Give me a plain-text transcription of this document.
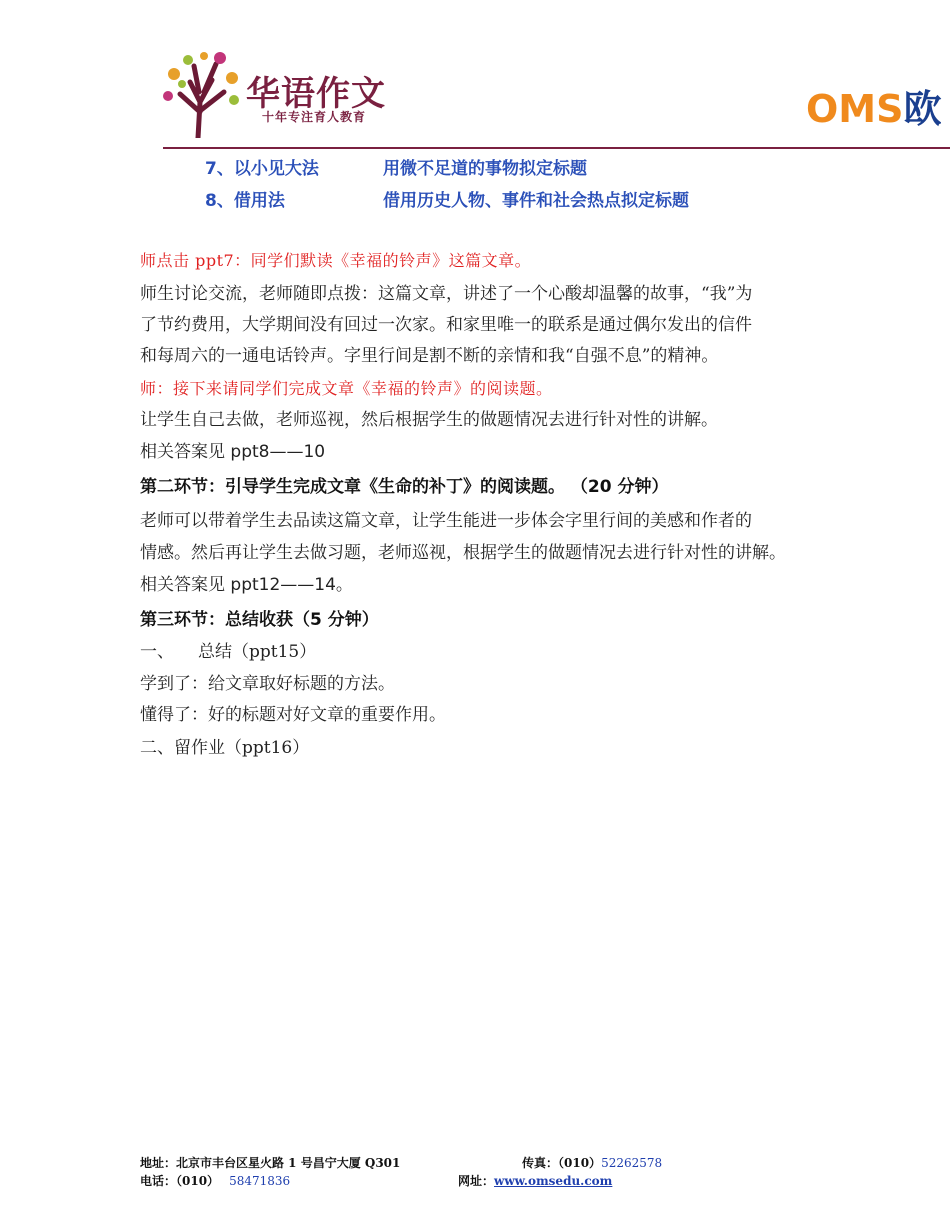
华语作文
十年专注育人教育	OMS欧
7、以小见大法	用微不足道的事物拟定标题
8、借用法	借用历史人物、事件和社会热点拟定标题
师点击 ppt7：同学们默读《幸福的铃声》这篇文章。
师生讨论交流，老师随即点拨：这篇文章，讲述了一个心酸却温馨的故事，“我”为
了节约费用，大学期间没有回过一次家。和家里唯一的联系是通过偶尔发出的信件
和每周六的一通电话铃声。字里行间是割不断的亲情和我“自强不息”的精神。
师：接下来请同学们完成文章《幸福的铃声》的阅读题。
让学生自己去做，老师巡视，然后根据学生的做题情况去进行针对性的讲解。
相关答案见 ppt8——10
第二环节：引导学生完成文章《生命的补丁》的阅读题。 （20 分钟）
老师可以带着学生去品读这篇文章，让学生能进一步体会字里行间的美感和作者的
情感。然后再让学生去做习题，老师巡视，根据学生的做题情况去进行针对性的讲解。
相关答案见 ppt12——14。
第三环节：总结收获（5 分钟）
一、 总结（ppt15）
学到了：给文章取好标题的方法。
懂得了：好的标题对好文章的重要作用。
二、留作业（ppt16）
地址：北京市丰台区星火路 1 号昌宁大厦 Q301	传真：（010）52262578
电话：（010） 58471836	网址：www.omsedu.com
